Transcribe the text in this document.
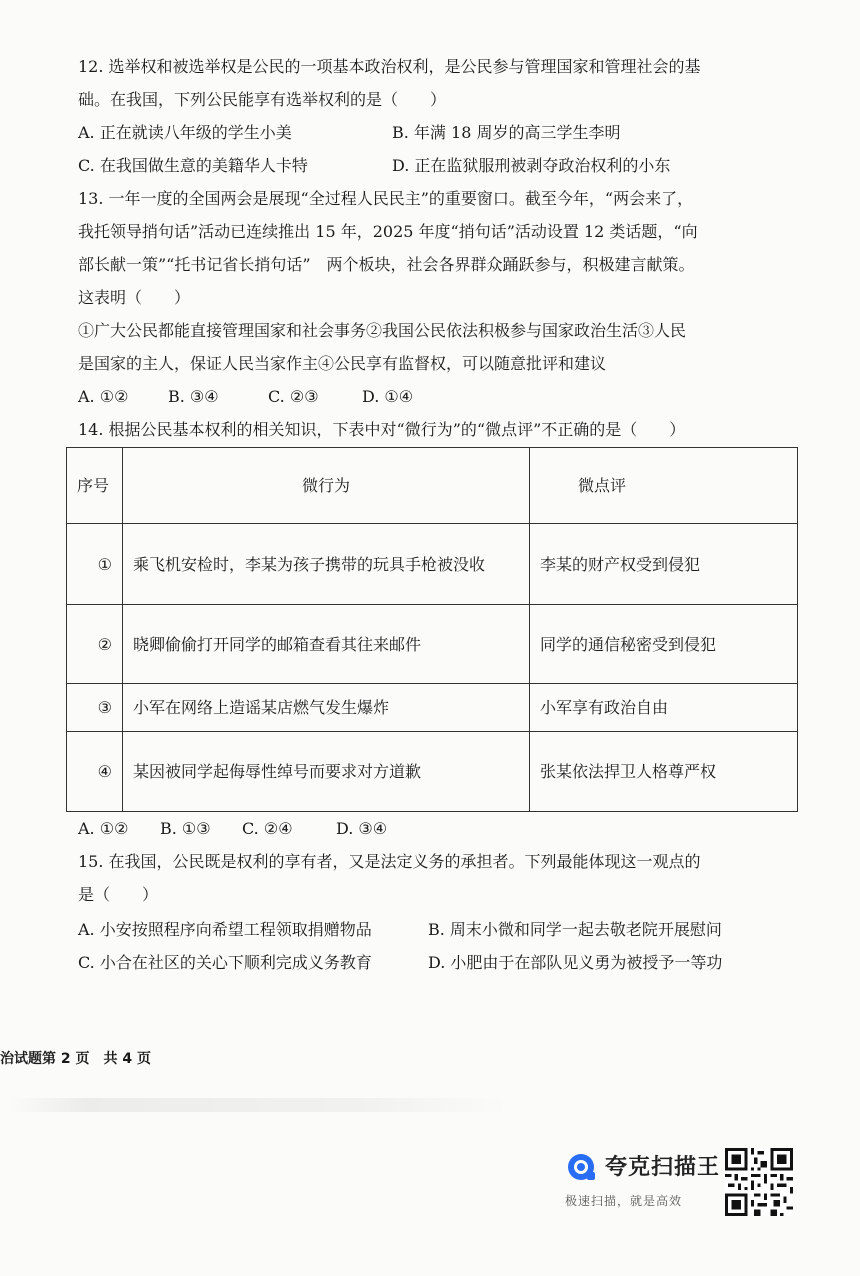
12. 选举权和被选举权是公民的一项基本政治权利，是公民参与管理国家和管理社会的基
础。在我国，下列公民能享有选举权利的是（　　）
A. 正在就读八年级的学生小美	B. 年满 18 周岁的高三学生李明
C. 在我国做生意的美籍华人卡特	D. 正在监狱服刑被剥夺政治权利的小东
13. 一年一度的全国两会是展现“全过程人民民主”的重要窗口。截至今年，“两会来了，
我托领导捎句话”活动已连续推出 15 年，2025 年度“捎句话”活动设置 12 类话题，“向
部长献一策”“托书记省长捎句话”　两个板块，社会各界群众踊跃参与，积极建言献策。
这表明（　　）
①广大公民都能直接管理国家和社会事务②我国公民依法积极参与国家政治生活③人民
是国家的主人，保证人民当家作主④公民享有监督权，可以随意批评和建议
A. ①② B. ③④	C. ②③	D. ①④
14. 根据公民基本权利的相关知识，下表中对“微行为”的“微点评”不正确的是（　　）
序号	微行为	微点评
①	乘飞机安检时，李某为孩子携带的玩具手枪被没收	李某的财产权受到侵犯
②	晓卿偷偷打开同学的邮箱查看其往来邮件	同学的通信秘密受到侵犯
③	小军在网络上造谣某店燃气发生爆炸	小军享有政治自由
④	某因被同学起侮辱性绰号而要求对方道歉	张某依法捍卫人格尊严权
A. ①② B. ①③ C. ②④	D. ③④
15. 在我国，公民既是权利的享有者，又是法定义务的承担者。下列最能体现这一观点的
是（　　）
A. 小安按照程序向希望工程领取捐赠物品	B. 周末小微和同学一起去敬老院开展慰问
C. 小合在社区的关心下顺利完成义务教育	D. 小肥由于在部队见义勇为被授予一等功
治试题第 2 页　共 4 页
夸克扫描王
极速扫描，就是高效
